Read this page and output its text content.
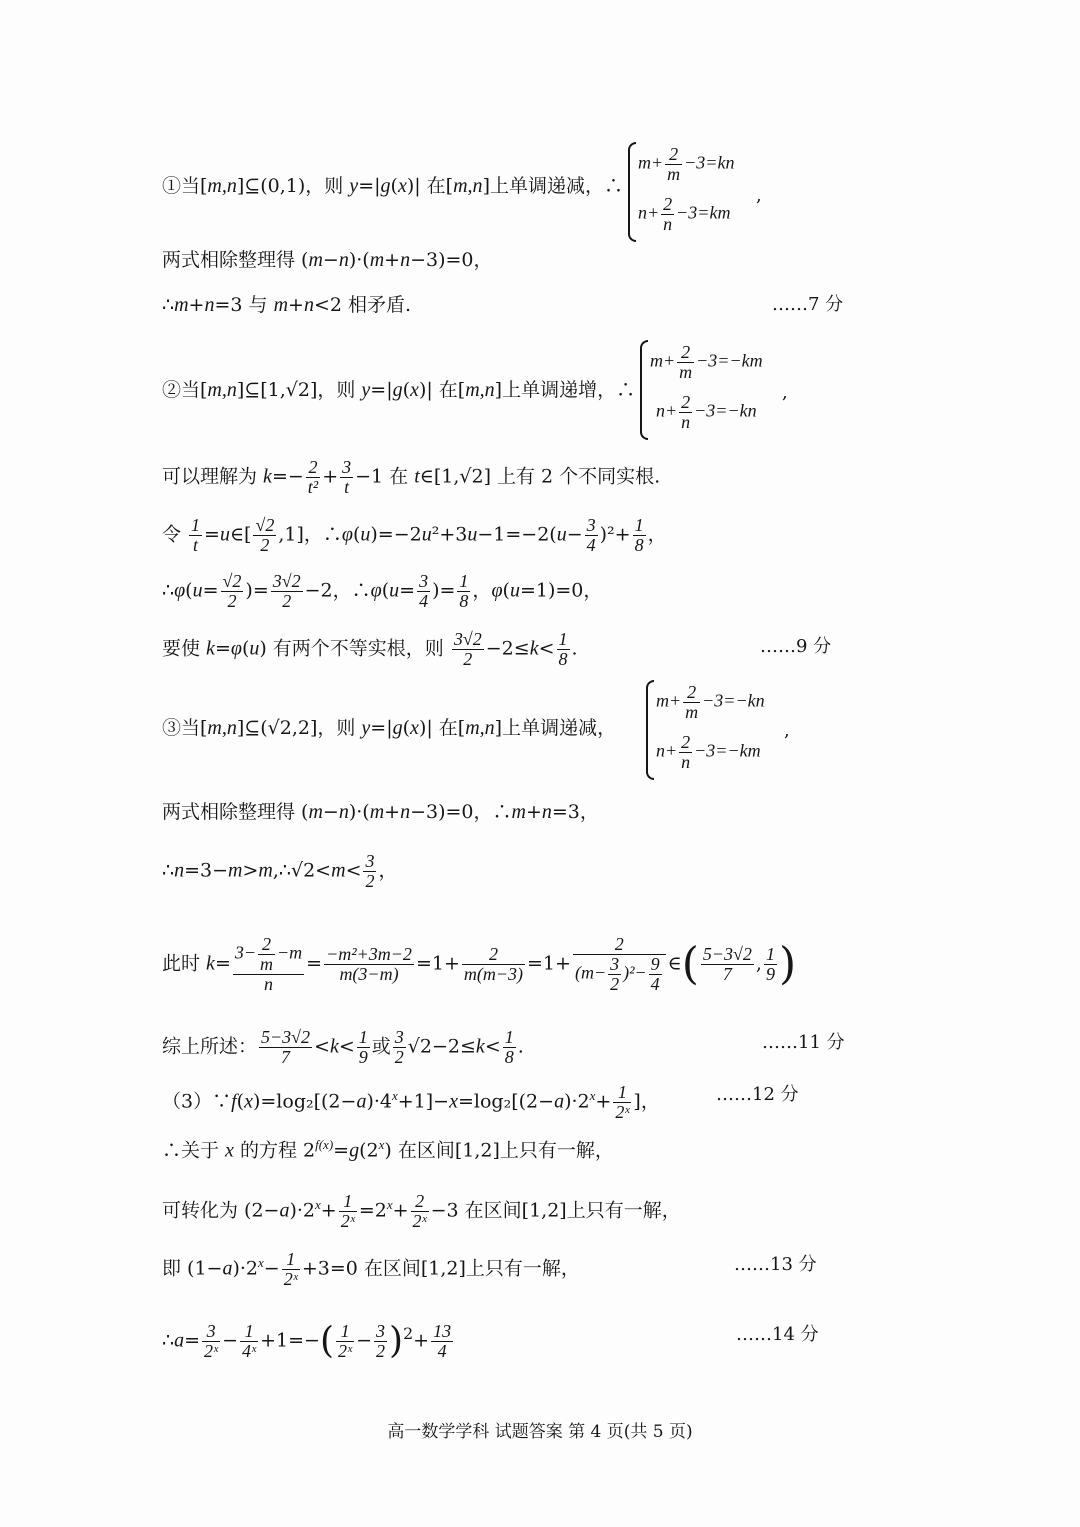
①当[m,n]⊆(0,1)，则 y=|g(x)| 在[m,n]上单调递减，∴
$m+ \frac{2}{m} -3=kn$
$n+ \frac{2}{n} -3=km$
,
两式相除整理得 (m−n)·(m+n−3)=0，
∴m+n=3 与 m+n<2 相矛盾.	……7 分
②当[m,n]⊆[1,√2]，则 y=|g(x)| 在[m,n]上单调递增，∴
$m+ \frac{2}{m} -3=-km$
$n+ \frac{2}{n} -3=-kn$
,
可以理解为 $k=- \frac{2}{\text{t²}} + \frac{3}{t} -1$ 在 t∈[1,√2] 上有 2 个不同实根.
令 $\frac{1}{t}$ =u∈[ $\frac{√2}{2} ,1$]，∴φ(u)=−2u²+3u−1=−2(u− $\frac{3}{4} )^2+ \frac{1}{8}$ ，
∴φ(u= $\frac{√2}{2}$ )= $\frac{3√2}{2} -2$，∴φ(u= $\frac{3}{4}$ )= $\frac{1}{8}$ ，φ(u=1)=0，
要使 k=φ(u) 有两个不等实根，则 $\frac{3√2}{2} -2\le k< \frac{1}{8}$ .	……9 分
③当[m,n]⊆(√2,2]，则 y=|g(x)| 在[m,n]上单调递减，
$m+ \frac{2}{m} -3=-kn$
$n+ \frac{2}{n} -3=-km$
,
两式相除整理得 (m−n)·(m+n−3)=0，∴m+n=3，
∴n=3−m>m,∴√2<m< $\frac{3}{2}$ ，
此时 $k= \frac{3- \frac{2}{m} -m}{n} = \frac{\text{−m²+3m−2}}{m(3-m)} =1+ \frac{2}{m(m-3)} =1+ \frac{2}{(m- \frac{3}{2} )^2- \frac{9}{4}}$ ∈( $\frac{5-3√2}{7}$ , $\frac{1}{9}$ )
综上所述： $\frac{5-3√2}{7} <k< \frac{1}{9}$ 或 $\frac{3}{2} √2-2\le k< \frac{1}{8}$ .	……11 分
$(3)\because f(x)=\log_2[(2-a)\cdot 4^x+1]-x=\log_2[(2-a)\cdot 2^x+ \frac{1}{\text{2ˣ}}$ ]，	……12 分
∴关于 x 的方程 $2^{f(x)}=g(2^x)$ 在区间[1,2]上只有一解，
可转化为 $(2-a)\cdot 2^x+ \frac{1}{\text{2ˣ}} =2^x+ \frac{2}{\text{2ˣ}} -3$ 在区间[1,2]上只有一解，
即 $(1-a)\cdot 2^x- \frac{1}{\text{2ˣ}} +3=0$ 在区间[1,2]上只有一解，	……13 分
∴a= $\frac{3}{\text{2ˣ}} - \frac{1}{\text{4ˣ}} +1=-( \frac{1}{\text{2ˣ}} - \frac{3}{2} )^2+ \frac{13}{4}$	……14 分
高一数学学科 试题答案 第 4 页(共 5 页)
